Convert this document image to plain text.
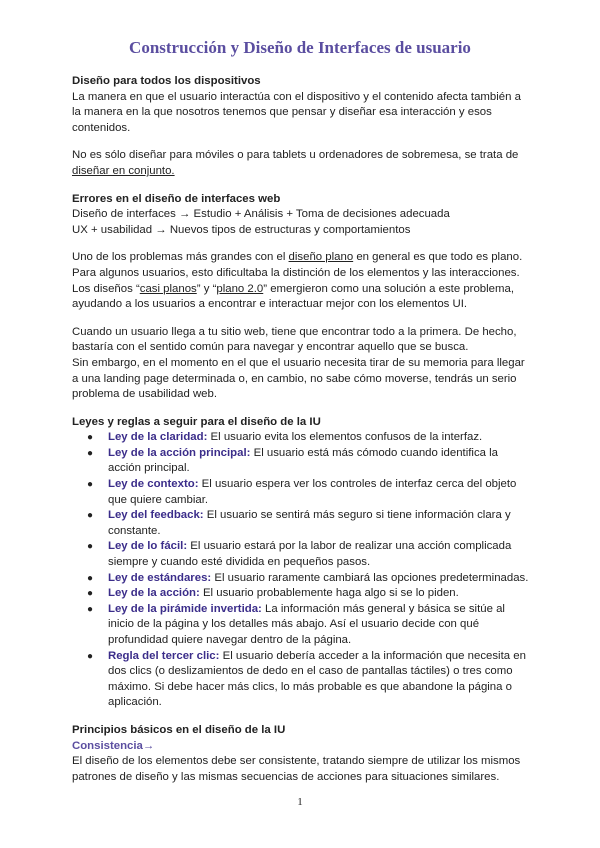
Construcción y Diseño de Interfaces de usuario
Diseño para todos los dispositivos

La manera en que el usuario interactúa con el dispositivo y el contenido afecta también a la manera en la que nosotros tenemos que pensar y diseñar esa interacción y esos contenidos.

No es sólo diseñar para móviles o para tablets u ordenadores de sobremesa, se trata de diseñar en conjunto.

Errores en el diseño de interfaces web

Diseño de interfaces → Estudio + Análisis + Toma de decisiones adecuada

UX + usabilidad → Nuevos tipos de estructuras y comportamientos

Uno de los problemas más grandes con el diseño plano en general es que todo es plano. Para algunos usuarios, esto dificultaba la distinción de los elementos y las interacciones. Los diseños “casi planos” y “plano 2.0” emergieron como una solución a este problema, ayudando a los usuarios a encontrar e interactuar mejor con los elementos UI.

Cuando un usuario llega a tu sitio web, tiene que encontrar todo a la primera. De hecho, bastaría con el sentido común para navegar y encontrar aquello que se busca.

Sin embargo, en el momento en el que el usuario necesita tirar de su memoria para llegar a una landing page determinada o, en cambio, no sabe cómo moverse, tendrás un serio problema de usabilidad web.

Leyes y reglas a seguir para el diseño de la IU
● Ley de la claridad: El usuario evita los elementos confusos de la interfaz.
● Ley de la acción principal: El usuario está más cómodo cuando identifica la acción principal.
● Ley de contexto: El usuario espera ver los controles de interfaz cerca del objeto que quiere cambiar.
● Ley del feedback: El usuario se sentirá más seguro si tiene información clara y constante.
● Ley de lo fácil: El usuario estará por la labor de realizar una acción complicada siempre y cuando esté dividida en pequeños pasos.
● Ley de estándares: El usuario raramente cambiará las opciones predeterminadas.
● Ley de la acción: El usuario probablemente haga algo si se lo piden.
● Ley de la pirámide invertida: La información más general y básica se sitúe al inicio de la página y los detalles más abajo. Así el usuario decide con qué profundidad quiere navegar dentro de la página.
● Regla del tercer clic: El usuario debería acceder a la información que necesita en dos clics (o deslizamientos de dedo en el caso de pantallas táctiles) o tres como máximo. Si debe hacer más clics, lo más probable es que abandone la página o aplicación.
Principios básicos en el diseño de la IU
Consistencia→

El diseño de los elementos debe ser consistente, tratando siempre de utilizar los mismos patrones de diseño y las mismas secuencias de acciones para situaciones similares.

1
